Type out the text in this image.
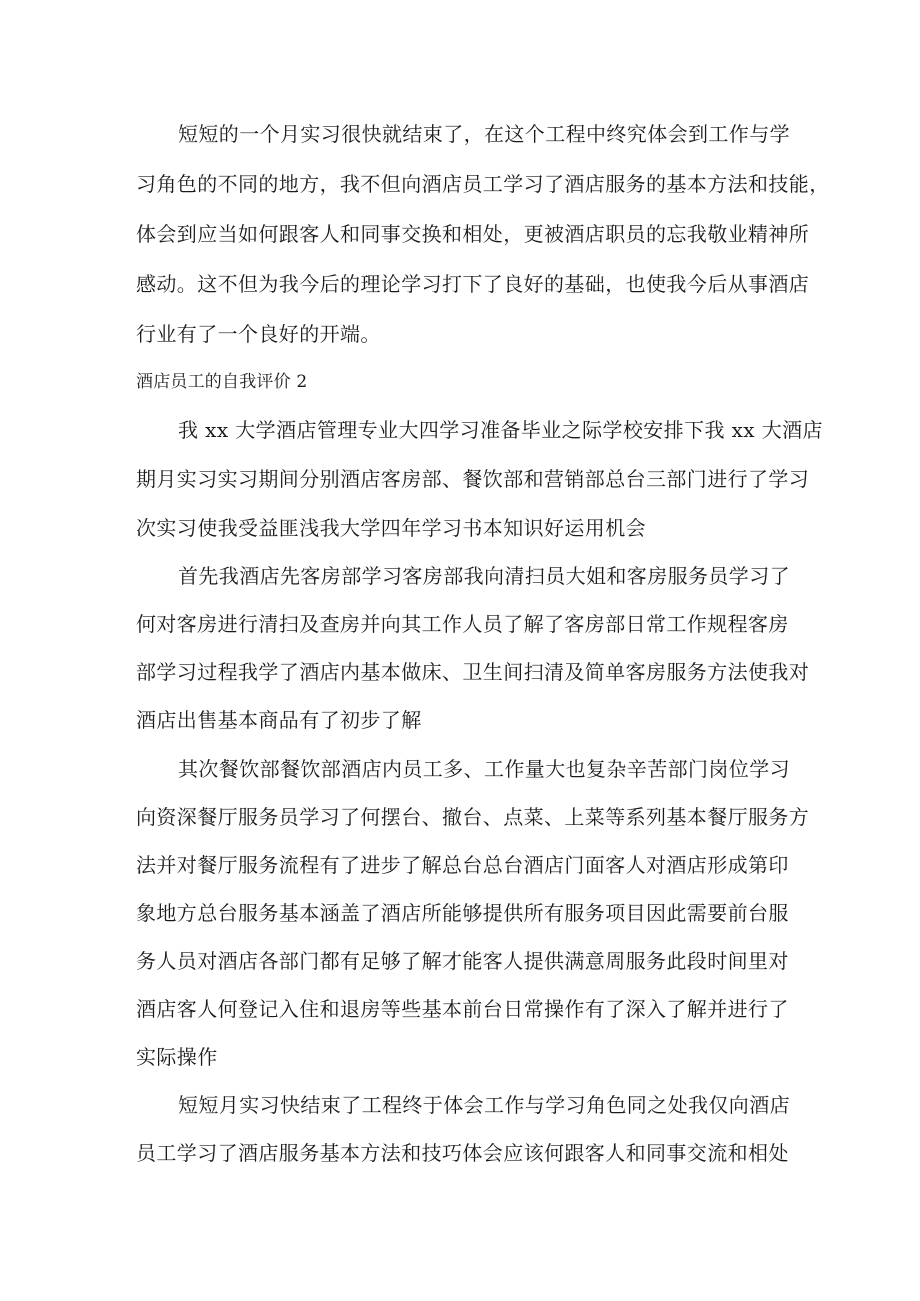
短短的一个月实习很快就结束了，在这个工程中终究体会到工作与学
习角色的不同的地方，我不但向酒店员工学习了酒店服务的基本方法和技能，
体会到应当如何跟客人和同事交换和相处，更被酒店职员的忘我敬业精神所
感动。这不但为我今后的理论学习打下了良好的基础，也使我今后从事酒店
行业有了一个良好的开端。
酒店员工的自我评价 2
我 xx 大学酒店管理专业大四学习准备毕业之际学校安排下我 xx 大酒店
期月实习实习期间分别酒店客房部、餐饮部和营销部总台三部门进行了学习
次实习使我受益匪浅我大学四年学习书本知识好运用机会
首先我酒店先客房部学习客房部我向清扫员大姐和客房服务员学习了
何对客房进行清扫及查房并向其工作人员了解了客房部日常工作规程客房
部学习过程我学了酒店内基本做床、卫生间扫清及简单客房服务方法使我对
酒店出售基本商品有了初步了解
其次餐饮部餐饮部酒店内员工多、工作量大也复杂辛苦部门岗位学习
向资深餐厅服务员学习了何摆台、撤台、点菜、上菜等系列基本餐厅服务方
法并对餐厅服务流程有了进步了解总台总台酒店门面客人对酒店形成第印
象地方总台服务基本涵盖了酒店所能够提供所有服务项目因此需要前台服
务人员对酒店各部门都有足够了解才能客人提供满意周服务此段时间里对
酒店客人何登记入住和退房等些基本前台日常操作有了深入了解并进行了
实际操作
短短月实习快结束了工程终于体会工作与学习角色同之处我仅向酒店
员工学习了酒店服务基本方法和技巧体会应该何跟客人和同事交流和相处
